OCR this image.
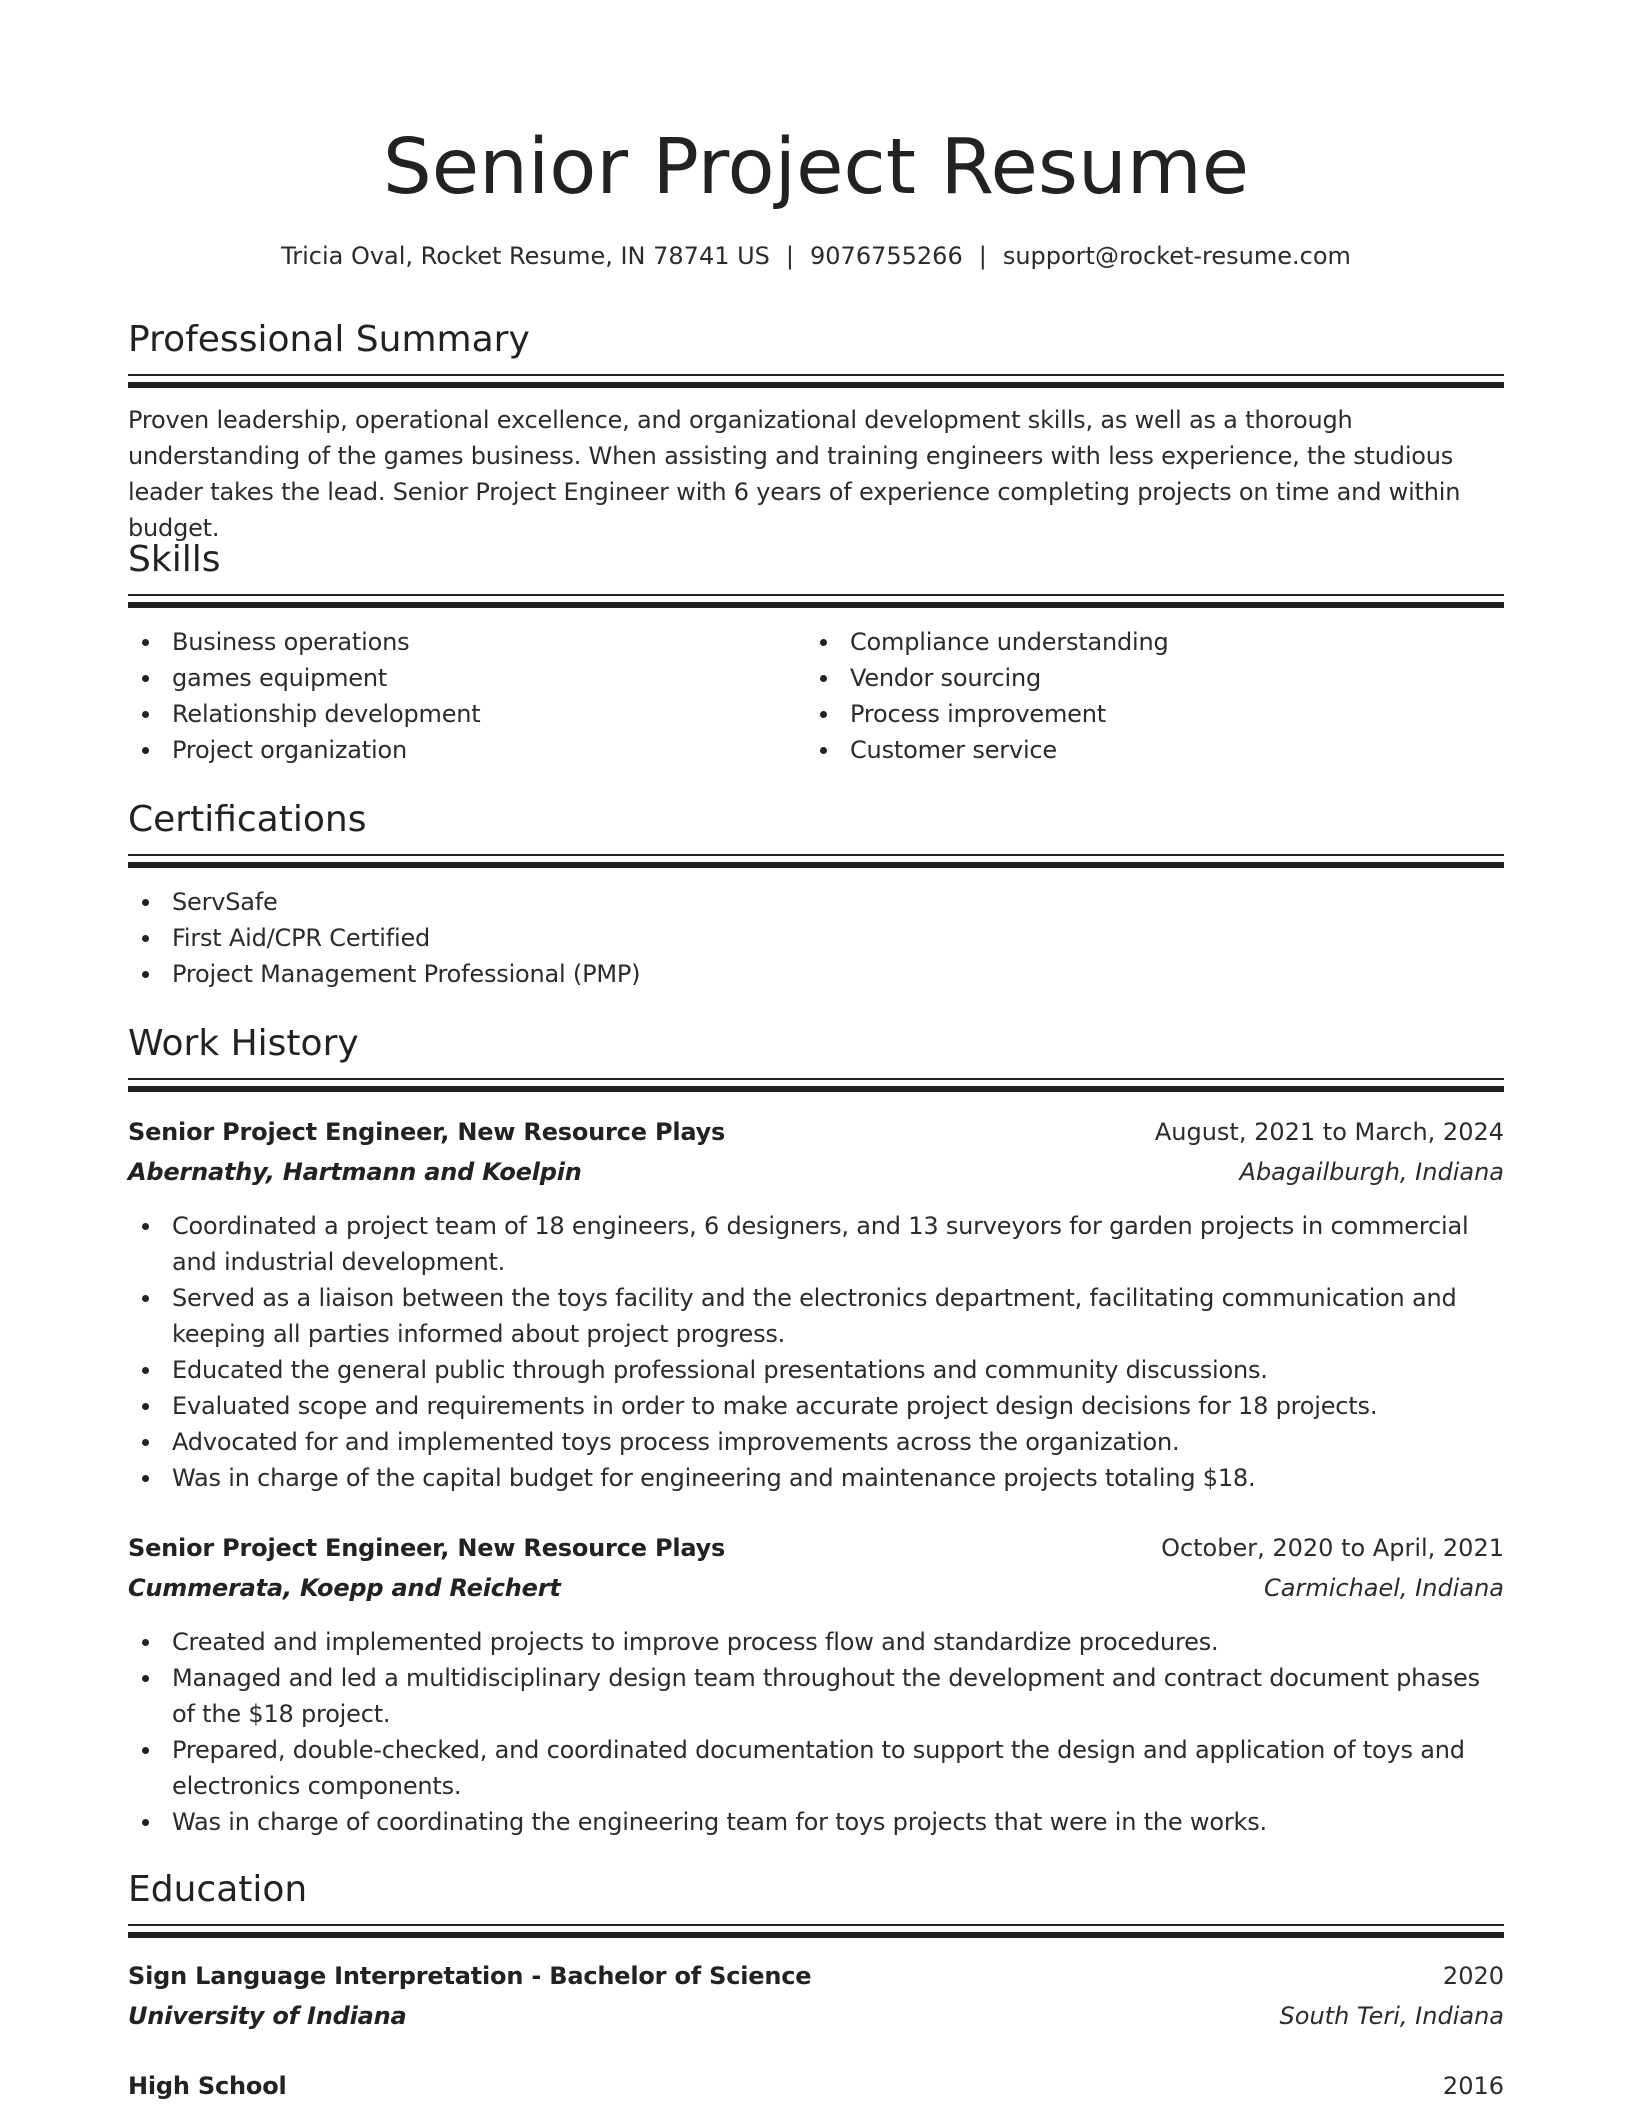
Senior Project Resume
Tricia Oval, Rocket Resume, IN 78741 US | 9076755266 | support@rocket-resume.com
Professional Summary

Proven leadership, operational excellence, and organizational development skills, as well as a thorough understanding of the games business. When assisting and training engineers with less experience, the studious leader takes the lead. Senior Project Engineer with 6 years of experience completing projects on time and within budget.

Skills
Business operations
games equipment
Relationship development
Project organization
Compliance understanding
Vendor sourcing
Process improvement
Customer service
Certifications
ServSafe
First Aid/CPR Certified
Project Management Professional (PMP)
Work History
Senior Project Engineer, New Resource Plays	August, 2021 to March, 2024
Abernathy, Hartmann and Koelpin	Abagailburgh, Indiana
Coordinated a project team of 18 engineers, 6 designers, and 13 surveyors for garden projects in commercial and industrial development.
Served as a liaison between the toys facility and the electronics department, facilitating communication and keeping all parties informed about project progress.
Educated the general public through professional presentations and community discussions.
Evaluated scope and requirements in order to make accurate project design decisions for 18 projects.
Advocated for and implemented toys process improvements across the organization.
Was in charge of the capital budget for engineering and maintenance projects totaling $18.
Senior Project Engineer, New Resource Plays	October, 2020 to April, 2021
Cummerata, Koepp and Reichert	Carmichael, Indiana
Created and implemented projects to improve process flow and standardize procedures.
Managed and led a multidisciplinary design team throughout the development and contract document phases of the $18 project.
Prepared, double-checked, and coordinated documentation to support the design and application of toys and electronics components.
Was in charge of coordinating the engineering team for toys projects that were in the works.
Education
Sign Language Interpretation - Bachelor of Science	2020
University of Indiana	South Teri, Indiana
High School	2016
